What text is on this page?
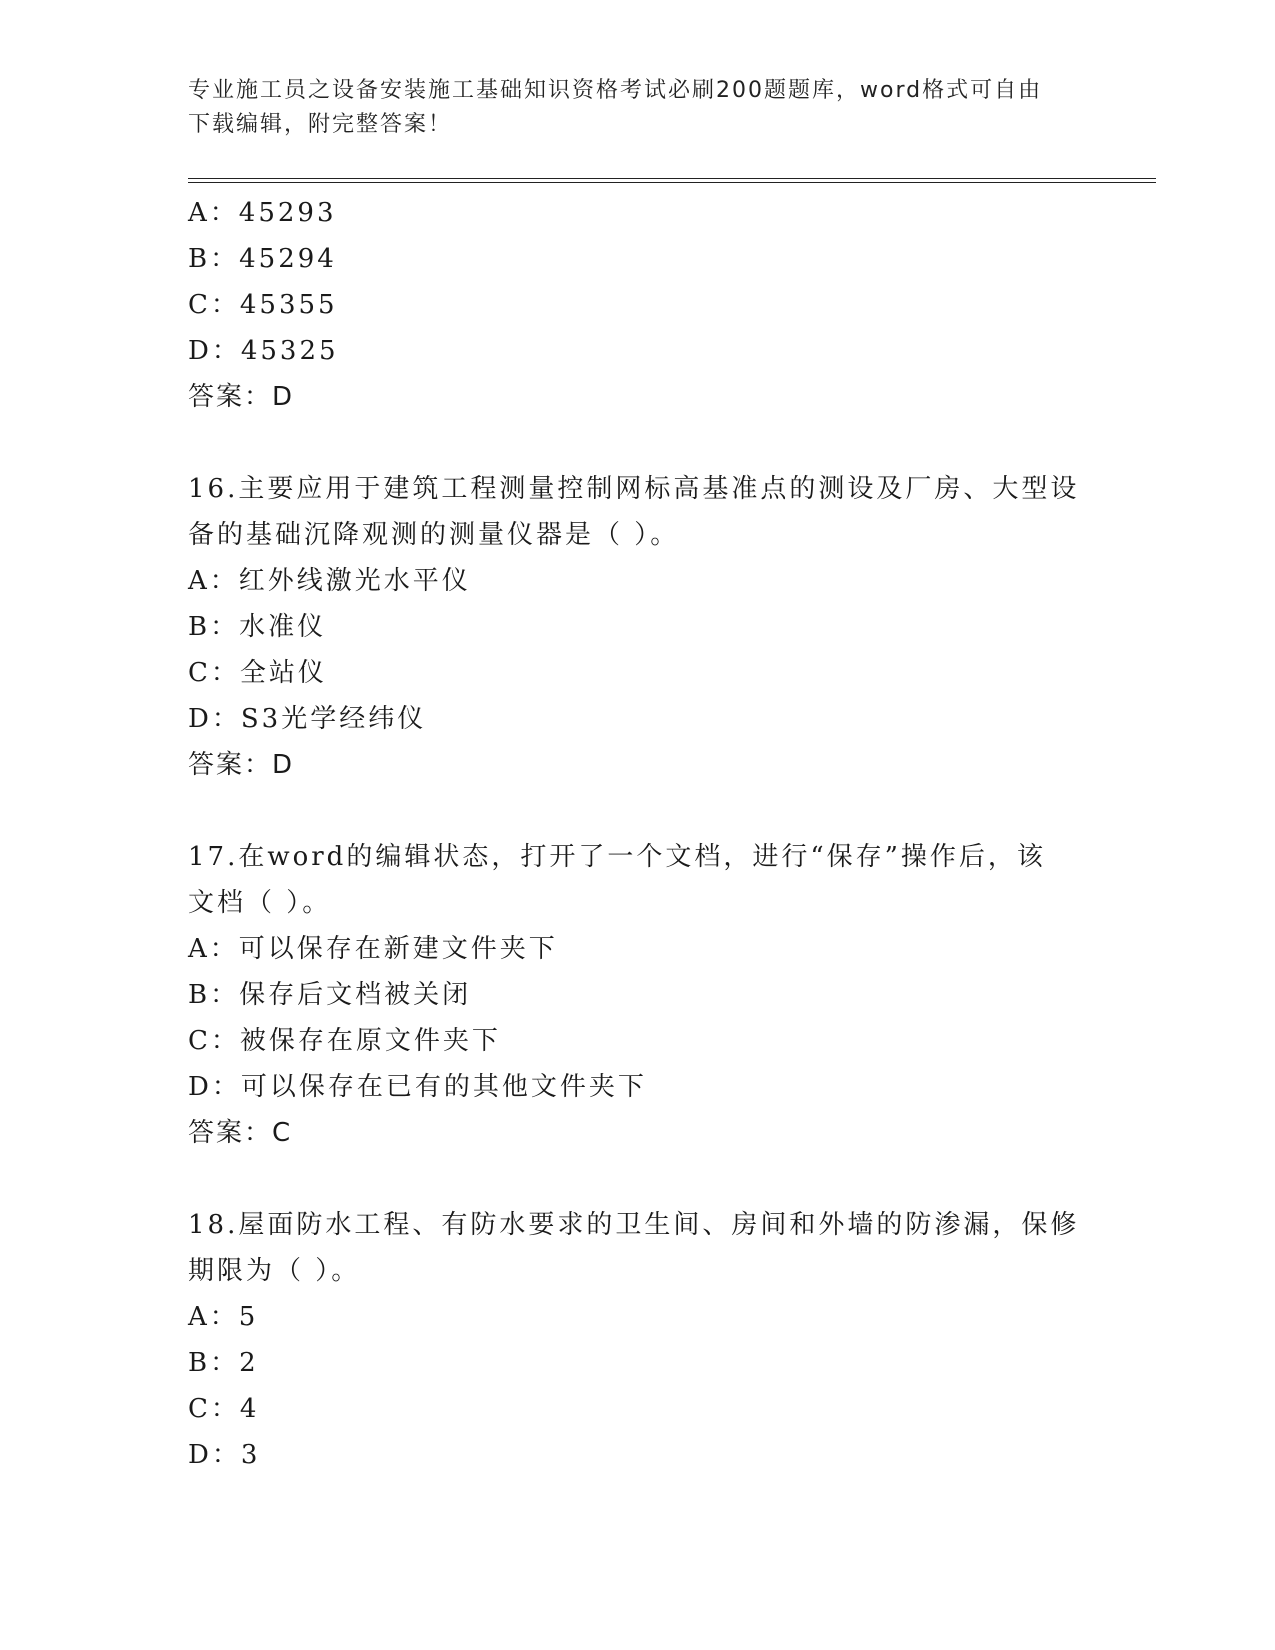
专业施工员之设备安装施工基础知识资格考试必刷200题题库，word格式可自由
下载编辑，附完整答案！
A：45293
B：45294
C：45355
D：45325
答案：D
16.主要应用于建筑工程测量控制网标高基准点的测设及厂房、大型设
备的基础沉降观测的测量仪器是（ ）。
A：红外线激光水平仪
B：水准仪
C：全站仪
D：S3光学经纬仪
答案：D
17.在word的编辑状态，打开了一个文档，进行“保存”操作后，该
文档（ ）。
A：可以保存在新建文件夹下
B：保存后文档被关闭
C：被保存在原文件夹下
D：可以保存在已有的其他文件夹下
答案：C
18.屋面防水工程、有防水要求的卫生间、房间和外墙的防渗漏，保修
期限为（ ）。
A：5
B：2
C：4
D：3
